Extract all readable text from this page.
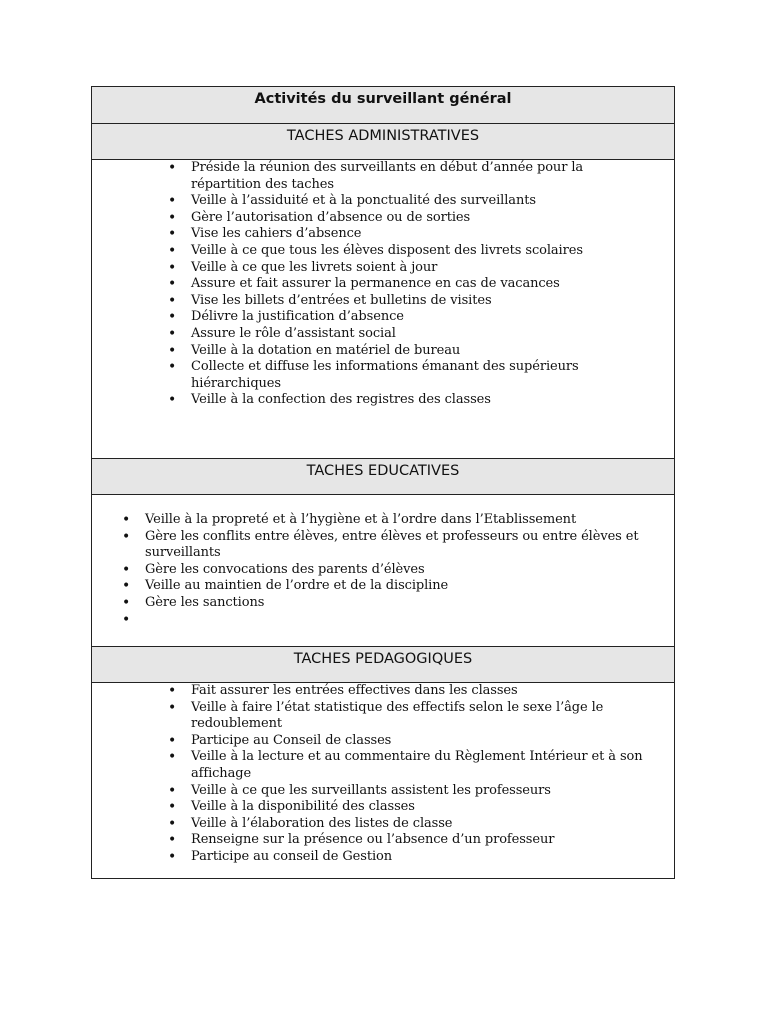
Activités du surveillant général
TACHES ADMINISTRATIVES
• Préside la réunion des surveillants en début d’année pour la répartition des taches
• Veille à l’assiduité et à la ponctualité des surveillants
• Gère l’autorisation d’absence ou de sorties
• Vise les cahiers d’absence
• Veille à ce que tous les élèves disposent des livrets scolaires
• Veille à ce que les livrets soient à jour
• Assure et fait assurer la permanence en cas de vacances
• Vise les billets d’entrées et bulletins de visites
• Délivre la justification d’absence
• Assure le rôle d’assistant social
• Veille à la dotation en matériel de bureau
• Collecte et diffuse les informations émanant des supérieurs hiérarchiques
• Veille à la confection des registres des classes
TACHES EDUCATIVES
• Veille à la propreté et à l’hygiène et à l’ordre dans l’Etablissement
• Gère les conflits entre élèves, entre élèves et professeurs ou entre élèves et surveillants
• Gère les convocations des parents d’élèves
• Veille au maintien de l’ordre et de la discipline
• Gère les sanctions
•
TACHES PEDAGOGIQUES
• Fait assurer les entrées effectives dans les classes
• Veille à faire l’état statistique des effectifs selon le sexe l’âge le redoublement
• Participe au Conseil de classes
• Veille à la lecture et au commentaire du Règlement Intérieur et à son affichage
• Veille à ce que les surveillants assistent les professeurs
• Veille à la disponibilité des classes
• Veille à l’élaboration des listes de classe
• Renseigne sur la présence ou l’absence d’un professeur
• Participe au conseil de Gestion
